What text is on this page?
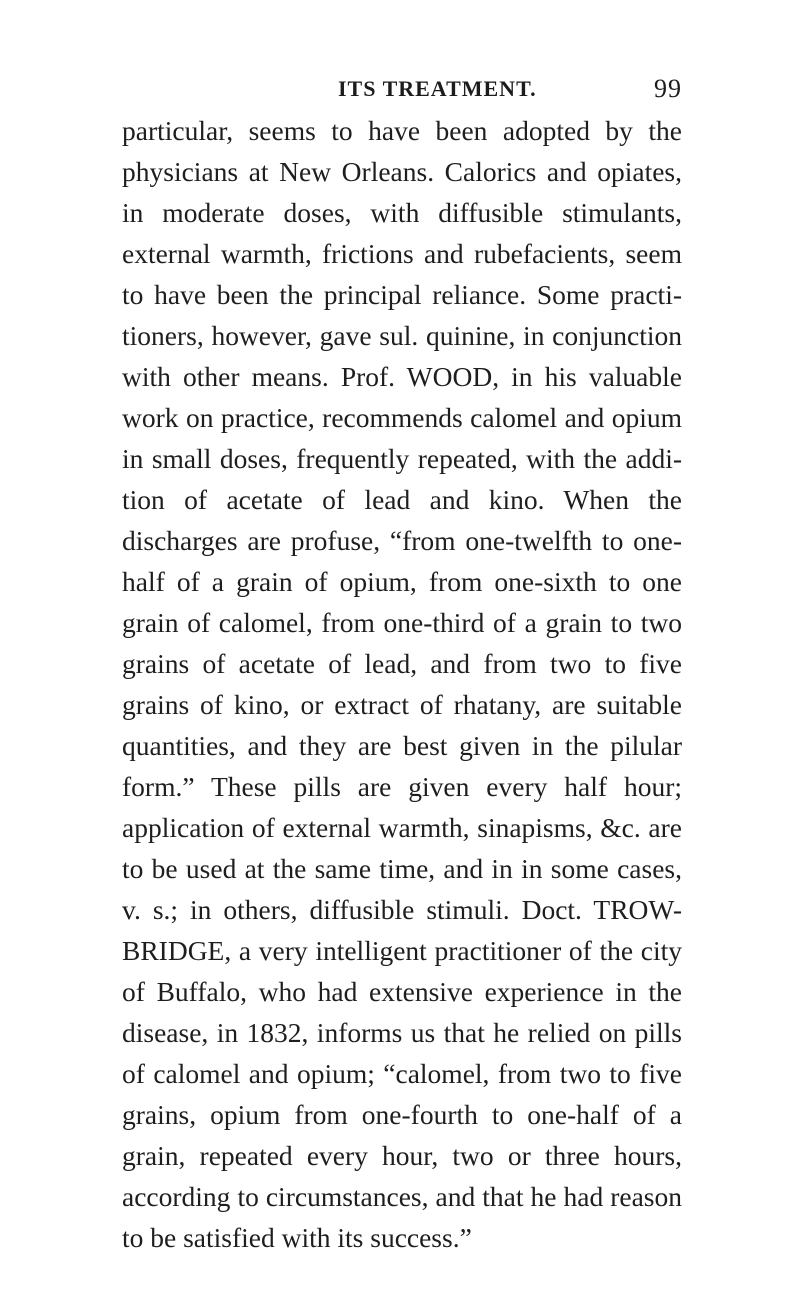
ITS TREATMENT.	99
particular, seems to have been adopted by the
physicians at New Orleans. Calorics and opiates,
in moderate doses, with diffusible stimulants,
external warmth, frictions and rubefacients, seem
to have been the principal reliance. Some practi-
tioners, however, gave sul. quinine, in conjunction
with other means. Prof. WOOD, in his valuable
work on practice, recommends calomel and opium
in small doses, frequently repeated, with the addi-
tion of acetate of lead and kino. When the
discharges are profuse, “from one-twelfth to one-
half of a grain of opium, from one-sixth to one
grain of calomel, from one-third of a grain to two
grains of acetate of lead, and from two to five
grains of kino, or extract of rhatany, are suitable
quantities, and they are best given in the pilular
form.” These pills are given every half hour;
application of external warmth, sinapisms, &c. are
to be used at the same time, and in in some cases,
v. s.; in others, diffusible stimuli. Doct. TROW-
BRIDGE, a very intelligent practitioner of the city
of Buffalo, who had extensive experience in the
disease, in 1832, informs us that he relied on pills
of calomel and opium; “calomel, from two to five
grains, opium from one-fourth to one-half of a
grain, repeated every hour, two or three hours,
according to circumstances, and that he had reason
to be satisfied with its success.”
